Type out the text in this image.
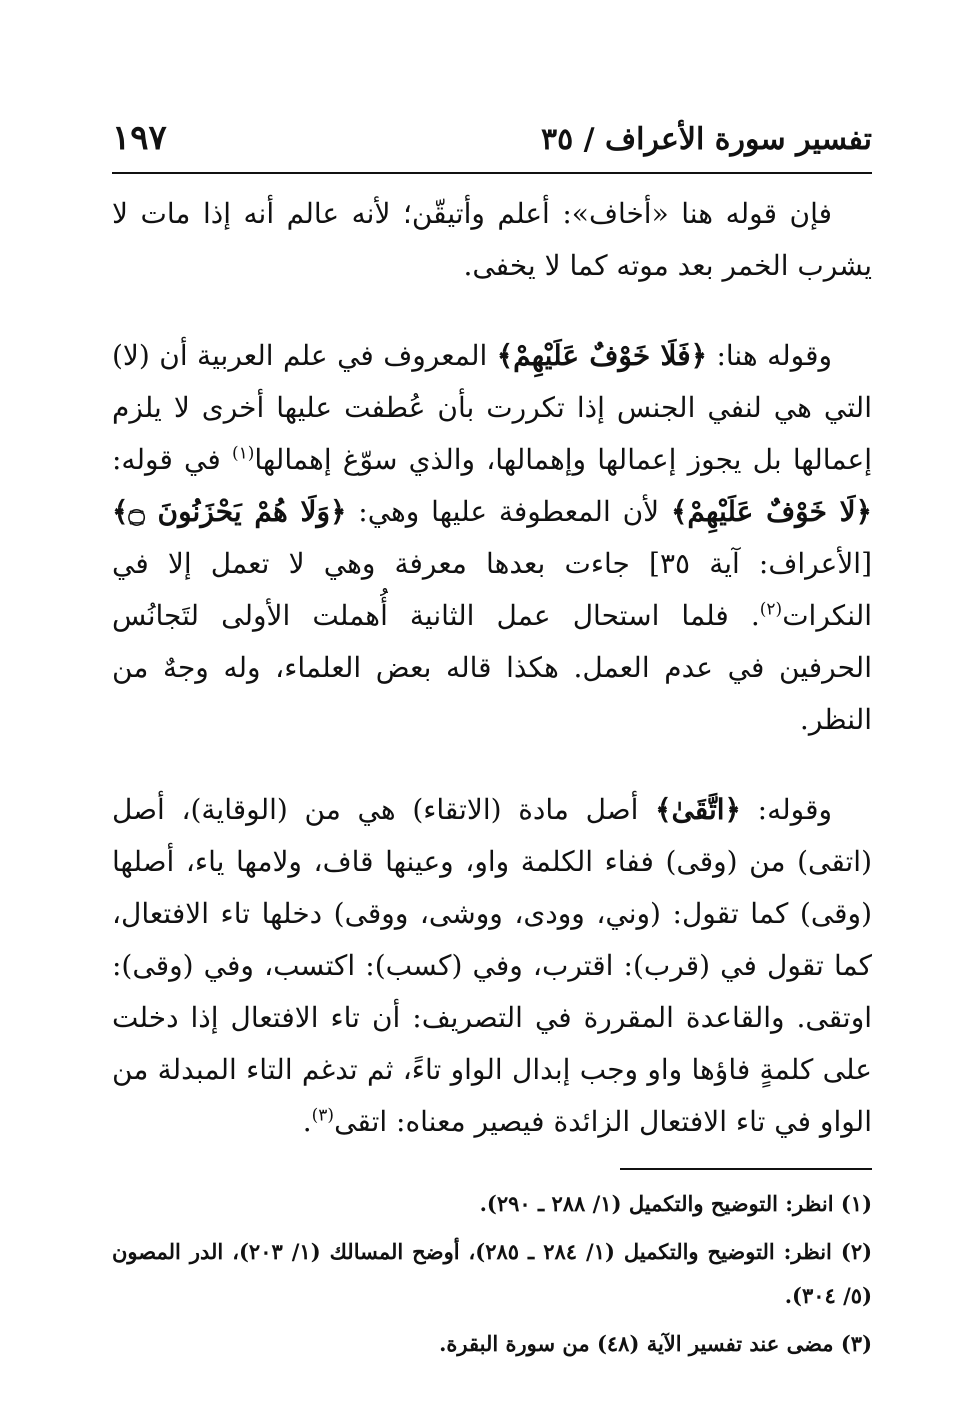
تفسير سورة الأعراف / ٣٥
١٩٧

فإن قوله هنا «أخاف»: أعلم وأتيقّن؛ لأنه عالم أنه إذا مات لا يشرب الخمر بعد موته كما لا يخفى.

وقوله هنا: ﴿فَلَا خَوْفٌ عَلَيْهِمْ﴾ المعروف في علم العربية أن (لا) التي هي لنفي الجنس إذا تكررت بأن عُطفت عليها أخرى لا يلزم إعمالها بل يجوز إعمالها وإهمالها، والذي سوّغ إهمالها$^{(١)}$ في قوله: ﴿لَا خَوْفٌ عَلَيْهِمْ﴾ لأن المعطوفة عليها وهي: ﴿وَلَا هُمْ يَحْزَنُونَ ۝﴾ [الأعراف: آية ٣٥] جاءت بعدها معرفة وهي لا تعمل إلا في النكرات$^{(٢)}$. فلما استحال عمل الثانية أُهملت الأولى لتَجانُس الحرفين في عدم العمل. هكذا قاله بعض العلماء، وله وجهٌ من النظر.

وقوله: ﴿اتَّقَىٰ﴾ أصل مادة (الاتقاء) هي من (الوقاية)، أصل (اتقى) من (وقى) ففاء الكلمة واو، وعينها قاف، ولامها ياء، أصلها (وقى) كما تقول: (وني، وودى، ووشى، ووقى) دخلها تاء الافتعال، كما تقول في (قرب): اقترب، وفي (كسب): اكتسب، وفي (وقى): اوتقى. والقاعدة المقررة في التصريف: أن تاء الافتعال إذا دخلت على كلمةٍ فاؤها واو وجب إبدال الواو تاءً، ثم تدغم التاء المبدلة من الواو في تاء الافتعال الزائدة فيصير معناه: اتقى$^{(٣)}$.

(١) انظر: التوضيح والتكميل (١/ ٢٨٨ ـ ٢٩٠).

(٢) انظر: التوضيح والتكميل (١/ ٢٨٤ ـ ٢٨٥)، أوضح المسالك (١/ ٢٠٣)، الدر المصون (٥/ ٣٠٤).

(٣) مضى عند تفسير الآية (٤٨) من سورة البقرة.
